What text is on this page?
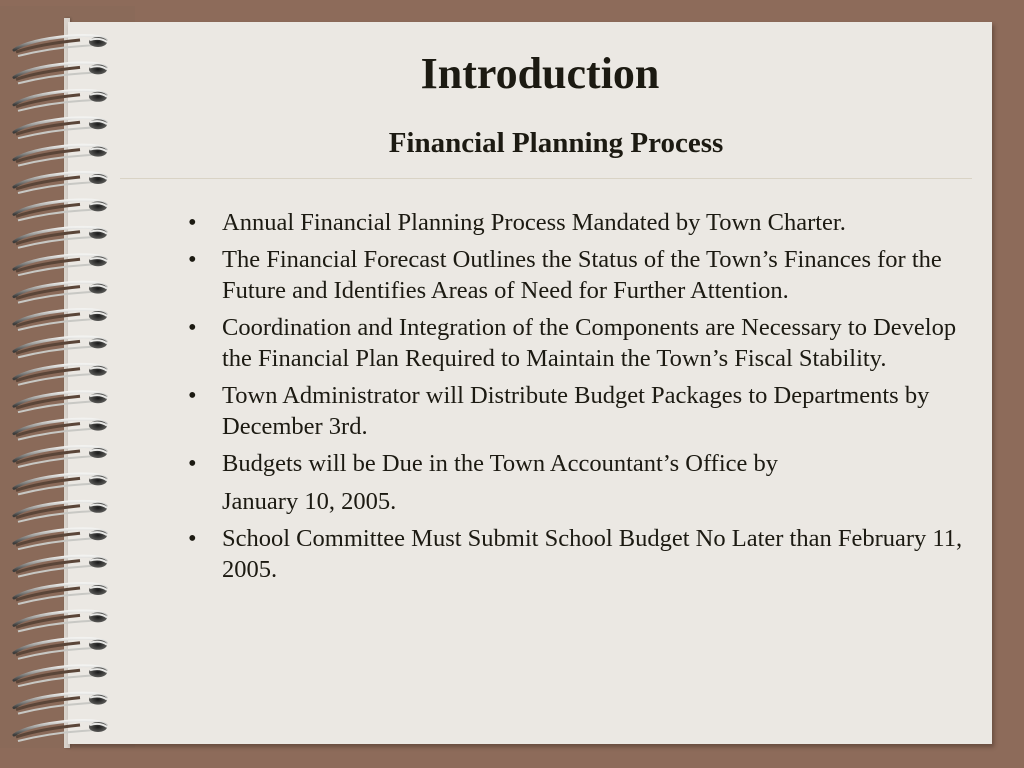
Introduction
Financial Planning Process
• Annual Financial Planning Process Mandated by Town Charter.
• The Financial Forecast Outlines the Status of the Town’s Finances for the Future and Identifies Areas of Need for Further Attention.
• Coordination and Integration of the Components are Necessary to Develop the Financial Plan Required to Maintain the Town’s Fiscal Stability.
• Town Administrator will Distribute Budget Packages to Departments by December 3rd.
• Budgets will be Due in the Town Accountant’s Office by
January 10, 2005.
• School Committee Must Submit School Budget No Later than February 11, 2005.
